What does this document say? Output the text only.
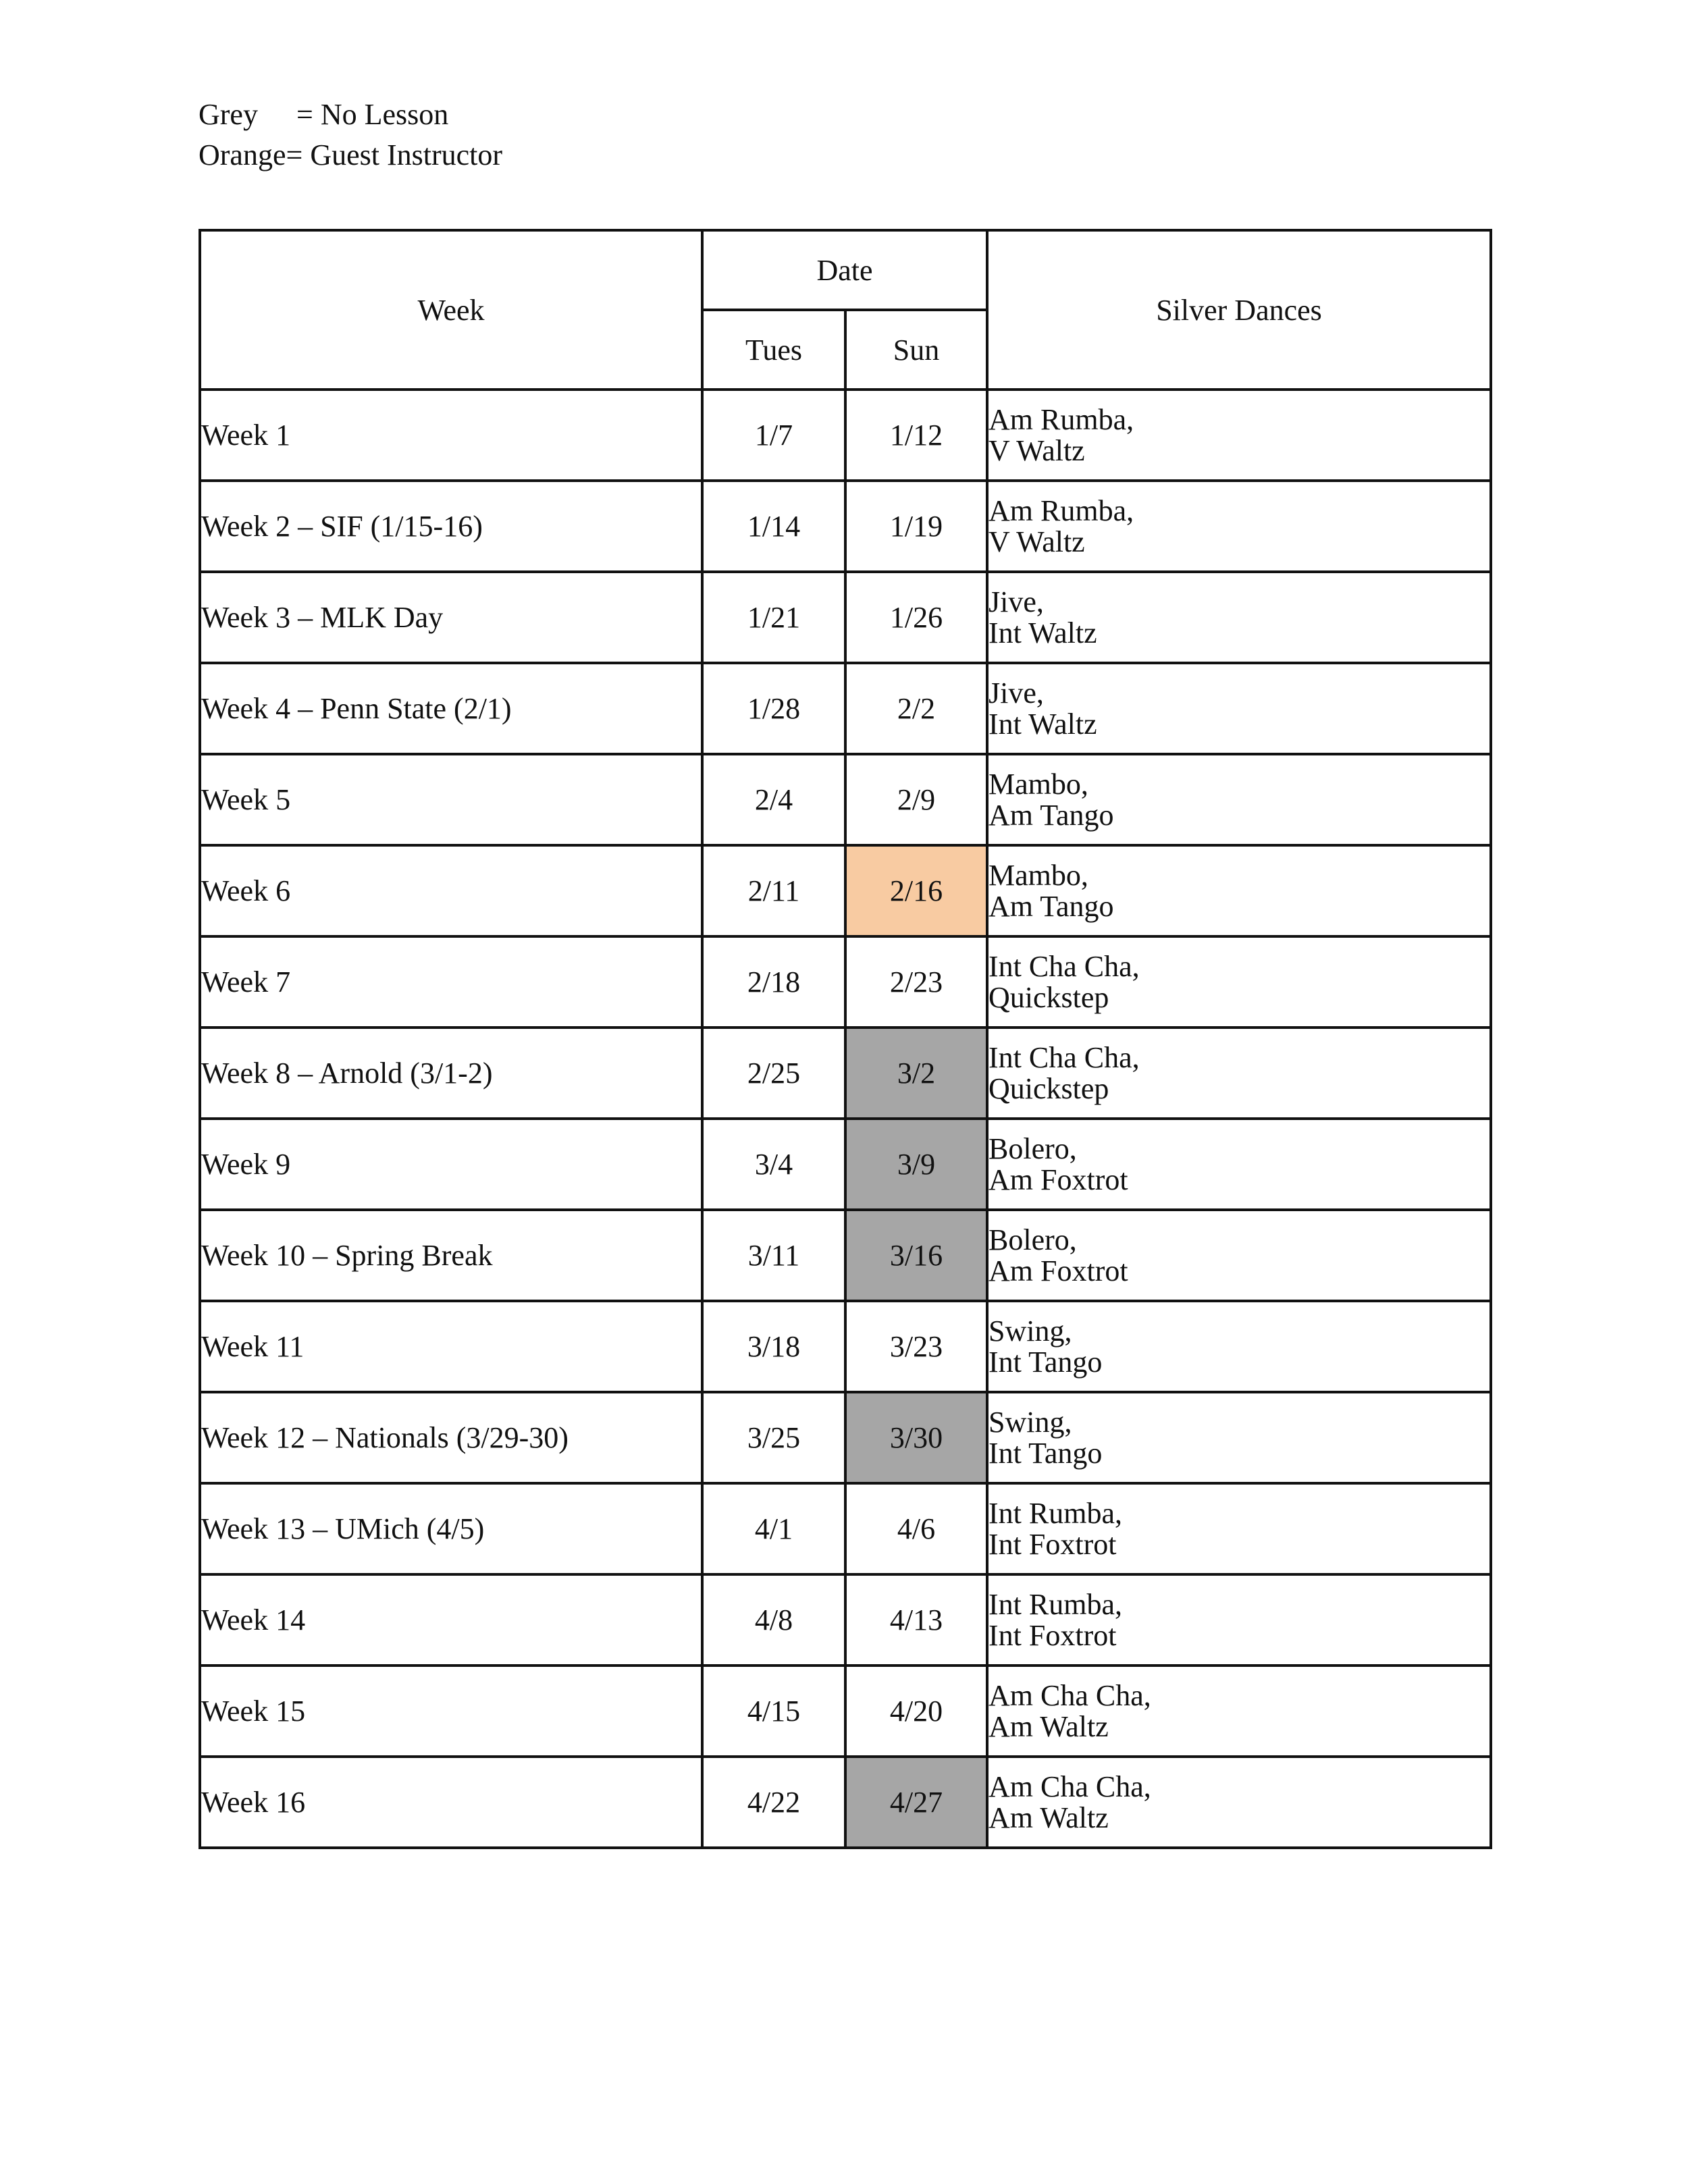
Grey	= No Lesson
Orange = Guest Instructor
Week	Date		Silver Dances
	Tues	Sun	
Week 1	1/7	1/12	Am Rumba,
V Waltz

Week 2 – SIF (1/15-16)	1/14	1/19	Am Rumba,
V Waltz

Week 3 – MLK Day	1/21	1/26	Jive,
Int Waltz

Week 4 – Penn State (2/1)	1/28	2/2	Jive,
Int Waltz

Week 5	2/4	2/9	Mambo,
Am Tango

Week 6	2/11	2/16	Mambo,
Am Tango

Week 7	2/18	2/23	Int Cha Cha,
Quickstep

Week 8 – Arnold (3/1-2)	2/25	3/2	Int Cha Cha,
Quickstep

Week 9	3/4	3/9	Bolero,
Am Foxtrot

Week 10 – Spring Break	3/11	3/16	Bolero,
Am Foxtrot

Week 11	3/18	3/23	Swing,
Int Tango

Week 12 – Nationals (3/29-30)	3/25	3/30	Swing,
Int Tango

Week 13 – UMich (4/5)	4/1	4/6	Int Rumba,
Int Foxtrot

Week 14	4/8	4/13	Int Rumba,
Int Foxtrot

Week 15	4/15	4/20	Am Cha Cha,
Am Waltz

Week 16	4/22	4/27	Am Cha Cha,
Am Waltz
